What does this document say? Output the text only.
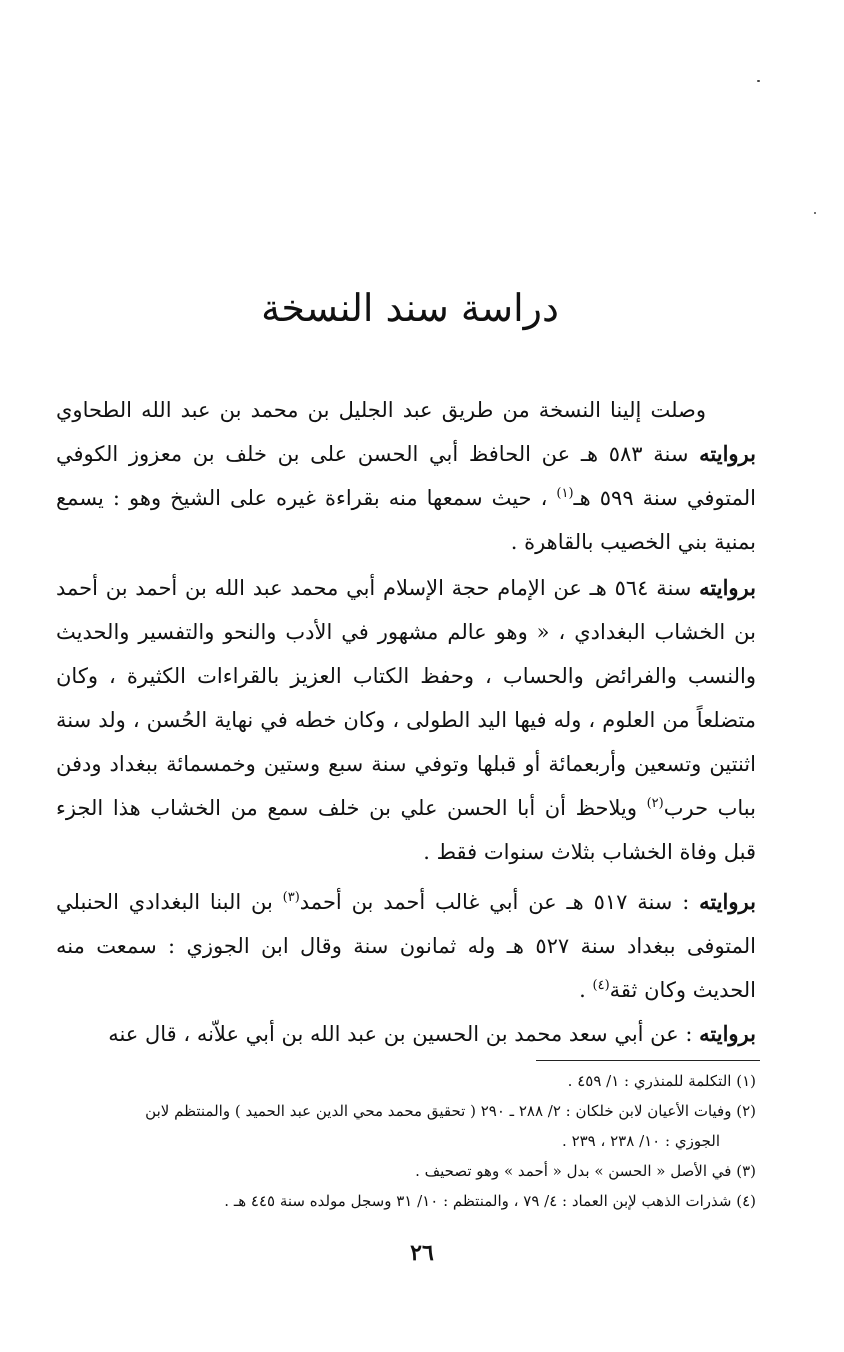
دراسة سند النسخة

وصلت إلينا النسخة من طريق عبد الجليل بن محمد بن عبد الله الطحاوي بروايته سنة ٥٨٣ هـ عن الحافظ أبي الحسن على بن خلف بن معزوز الكوفي المتوفي سنة ٥٩٩ هـ$^{(١)}$ ، حيث سمعها منه بقراءة غيره على الشيخ وهو : يسمع بمنية بني الخصيب بالقاهرة .

بروايته سنة ٥٦٤ هـ عن الإمام حجة الإسلام أبي محمد عبد الله بن أحمد بن أحمد بن الخشاب البغدادي ، « وهو عالم مشهور في الأدب والنحو والتفسير والحديث والنسب والفرائض والحساب ، وحفظ الكتاب العزيز بالقراءات الكثيرة ، وكان متضلعاً من العلوم ، وله فيها اليد الطولى ، وكان خطه في نهاية الحُسن ، ولد سنة اثنتين وتسعين وأربعمائة أو قبلها وتوفي سنة سبع وستين وخمسمائة ببغداد ودفن بباب حرب$^{(٢)}$ ويلاحظ أن أبا الحسن علي بن خلف سمع من الخشاب هذا الجزء قبل وفاة الخشاب بثلاث سنوات فقط .

بروايته : سنة ٥١٧ هـ عن أبي غالب أحمد بن أحمد$^{(٣)}$ بن البنا البغدادي الحنبلي المتوفى ببغداد سنة ٥٢٧ هـ وله ثمانون سنة وقال ابن الجوزي : سمعت منه الحديث وكان ثقة$^{(٤)}$ .

بروايته : عن أبي سعد محمد بن الحسين بن عبد الله بن أبي علاّنه ، قال عنه

(١) التكلمة للمنذري : ١/ ٤٥٩ .
(٢) وفيات الأعيان لابن خلكان : ٢/ ٢٨٨ ـ ٢٩٠ ( تحقيق محمد محي الدين عبد الحميد ) والمنتظم لابن
الجوزي : ١٠/ ٢٣٨ ، ٢٣٩ .
(٣) في الأصل « الحسن » بدل « أحمد » وهو تصحيف .
(٤) شذرات الذهب لإبن العماد : ٤/ ٧٩ ، والمنتظم : ١٠/ ٣١ وسجل مولده سنة ٤٤٥ هـ .
٢٦
